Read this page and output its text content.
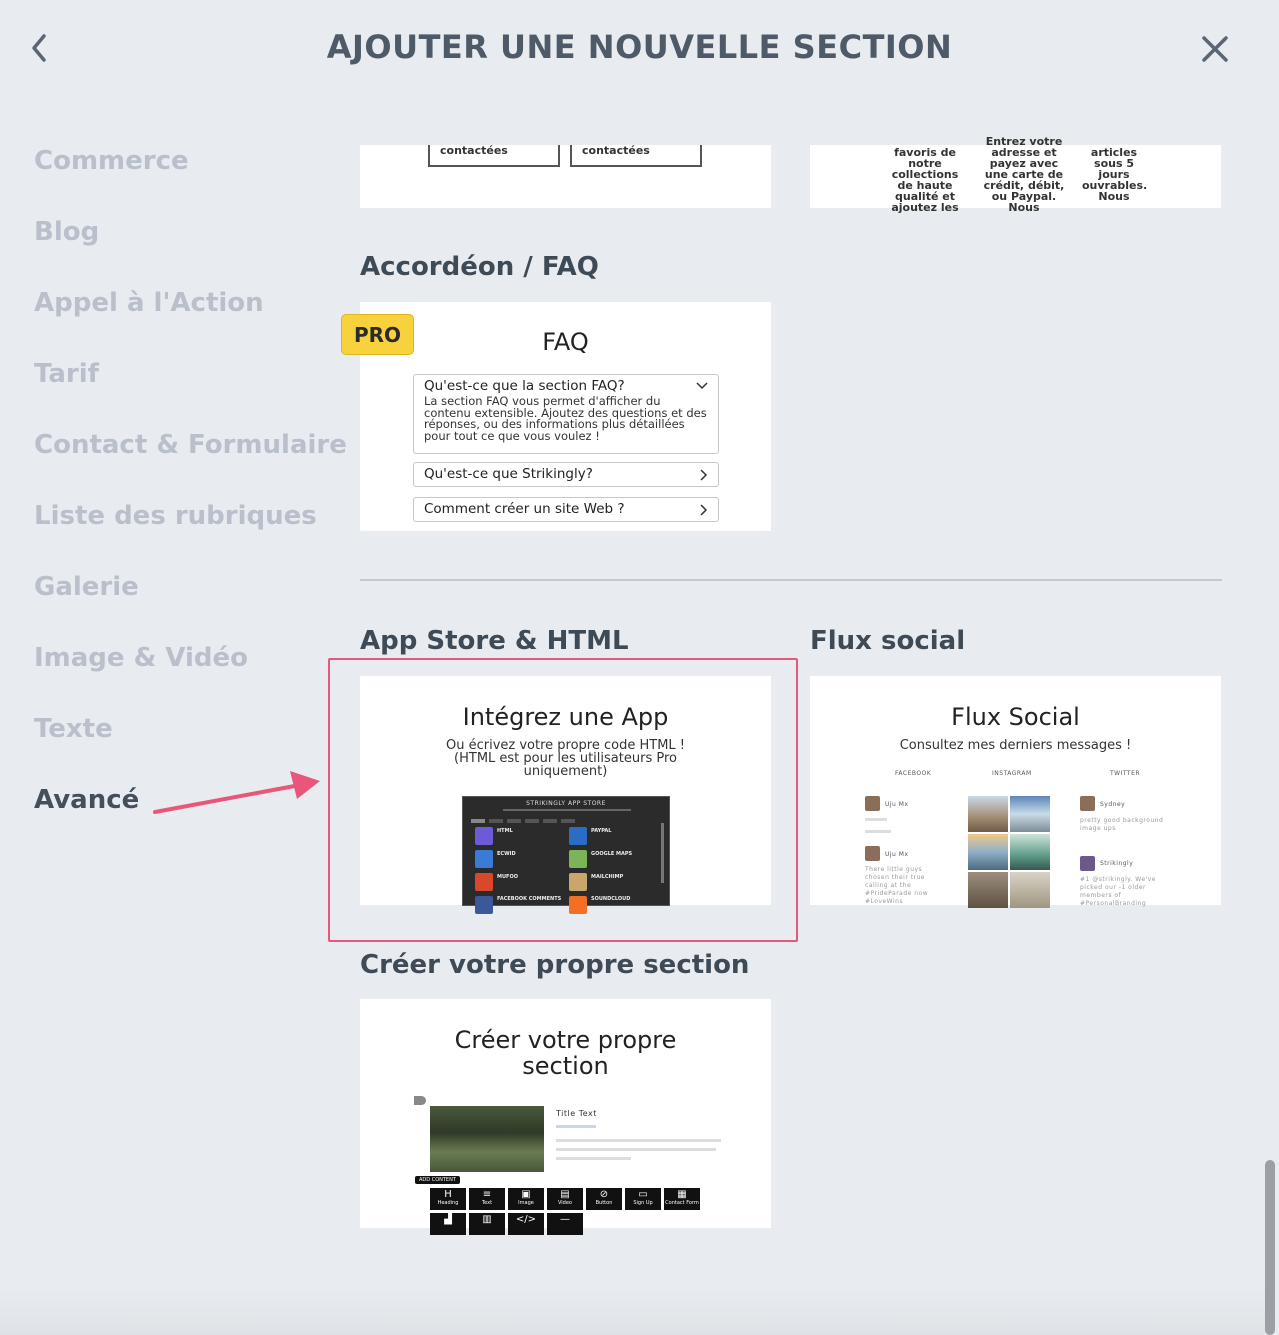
AJOUTER UNE NOUVELLE SECTION
Commerce
Blog
Appel à l'Action
Tarif
Contact & Formulaire
Liste des rubriques
Galerie
Image & Vidéo
Texte
Avancé
contactées	contactées	favoris de notre collections de haute qualité et ajoutez les
Entrez votre adresse et payez avec une carte de crédit, débit, ou Paypal. Nous
articles sous 5 jours ouvrables. Nous
Accordéon / FAQ
FAQ
Qu'est-ce que la section FAQ?
La section FAQ vous permet d'afficher du contenu extensible. Ajoutez des questions et des réponses, ou des informations plus détaillées pour tout ce que vous voulez !
Qu'est-ce que Strikingly?
Comment créer un site Web ?
PRO
App Store & HTML
Intégrez une App
Ou écrivez votre propre code HTML ! (HTML est pour les utilisateurs Pro uniquement)
STRIKINGLY APP STORE
HTML	PAYPAL
ECWID	GOOGLE MAPS
MUFOO	MAILCHIMP
FACEBOOK COMMENTS	SOUNDCLOUD
Flux social
Flux Social
Consultez mes derniers messages !
FACEBOOK	INSTAGRAM	TWITTER
Uju Mx
Uju Mx
There little guys chosen their true calling at the #PrideParade now #LoveWins
Sydney
pretty good background image ups
Strikingly
#1 @strikingly. We've picked our -1 older members of #PersonalBranding
Créer votre propre section
Créer votre propre section
Title Text
ADD CONTENT
H
Heading
≡
Text
▣
Image
▤
Video
⊘
Button
▭
Sign Up
▦
Contact Form
▟	▥	</>	—
